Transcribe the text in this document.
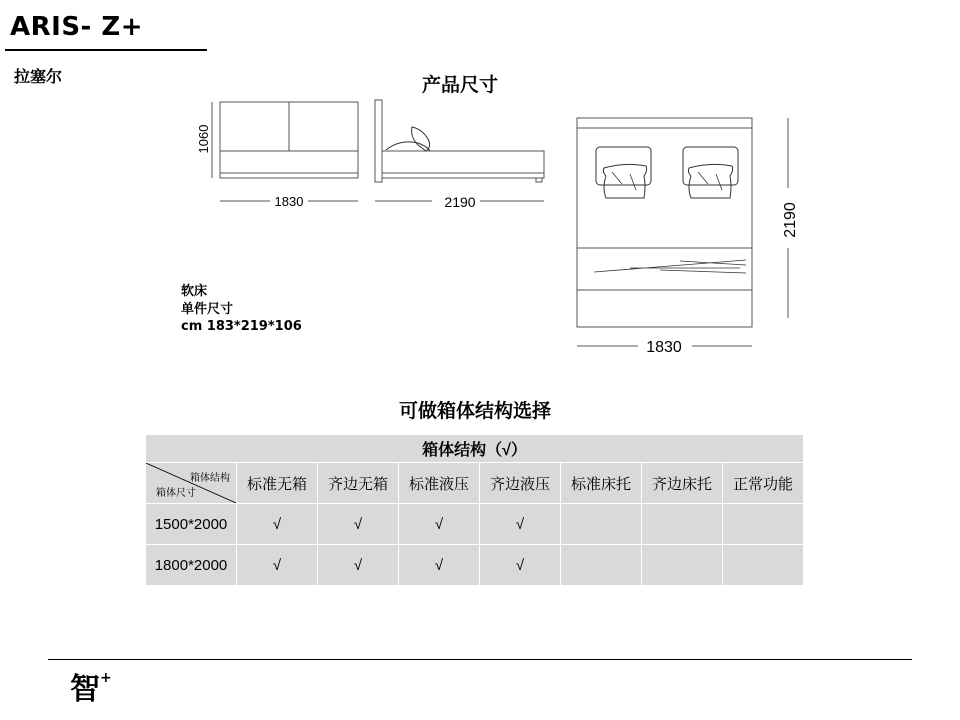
ARIS- Z+
拉塞尔	产品尺寸
1830
1060
2190
1830
2190
软床
单件尺寸
cm 183*219*106
可做箱体结构选择
箱体结构（√）							

箱体结构
箱体尺寸	标准无箱	齐边无箱	标准液压	齐边液压	标准床托	齐边床托	正常功能
1500*2000	√	√	√	√			
1800*2000	√	√	√	√			
智+
